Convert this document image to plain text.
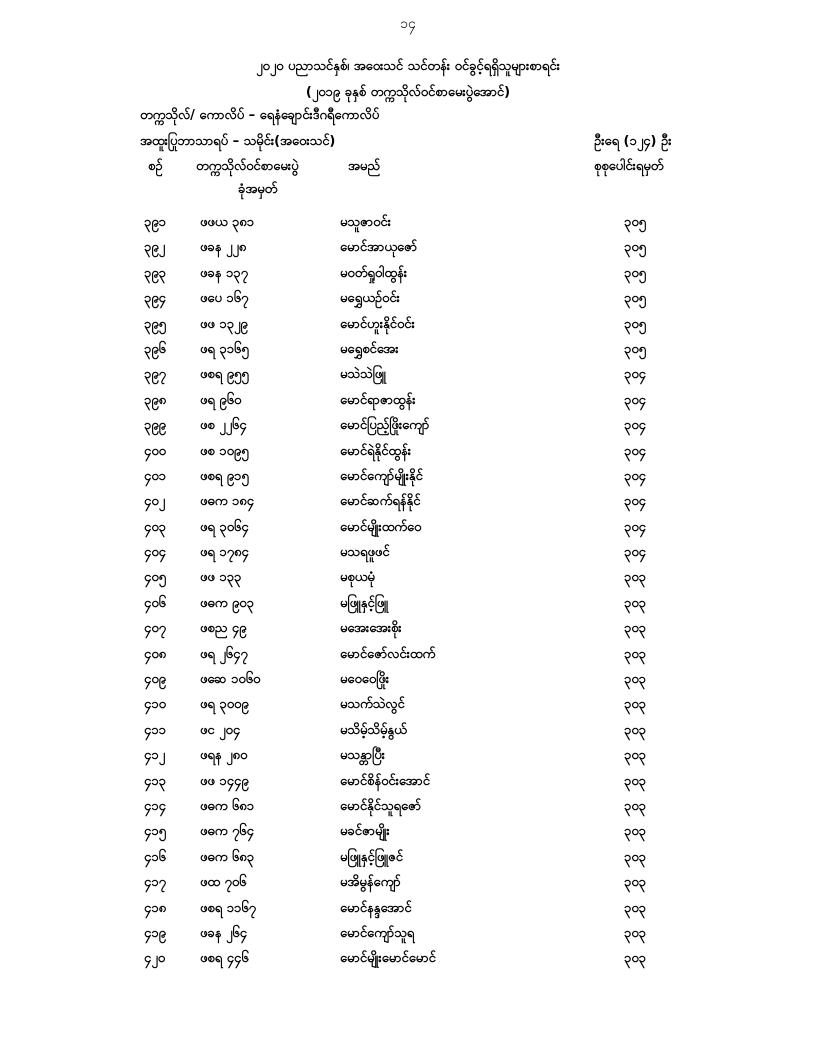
၁၄
၂၀၂၀ ပညာသင်နှစ်၊ အဝေးသင် သင်တန်း ဝင်ခွင့်ရရှိသူများစာရင်း
(၂၀၁၉ ခုနှစ် တက္ကသိုလ်ဝင်စာမေးပွဲအောင်)
တက္ကသိုလ်/ ကောလိပ် – ရေနံချောင်းဒီဂရီကောလိပ်
အထူးပြုဘာသာရပ် – သမိုင်း(အဝေးသင်)	ဦးရေ (၁၂၄) ဦး
စဉ်	တက္ကသိုလ်ဝင်စာမေးပွဲ
ခုံအမှတ်
အမည်	စုစုပေါင်းရမှတ်
၃၉၁	ဖဖယ ၃၈၁	မသူဇာဝင်း	၃၀၅
၃၉၂	ဖခန ၂၂၈	မောင်အာယုဇော်	၃၀၅
၃၉၃	ဖခန ၁၃၇	မဝတ်ရှုဝါထွန်း	၃၀၅
၃၉၄	ဖပေ ၁၆၇	မရွှေယဉ်ဝင်း	၃၀၅
၃၉၅	ဖဖ ၁၃၂၉	မောင်ဟူးနိုင်ဝင်း	၃၀၅
၃၉၆	ဖရ ၃၁၆၅	မရွှေစင်အေး	၃၀၅
၃၉၇	ဖစရ ၉၅၅	မသဲသဲဖြူ	၃၀၄
၃၉၈	ဖရ ၉၆၀	မောင်ရာဇာထွန်း	၃၀၄
၃၉၉	ဖစ ၂၂၆၄	မောင်ပြည့်ဖြိုးကျော်	၃၀၄
၄၀၀	ဖစ ၁၀၉၅	မောင်ရဲနိုင်ထွန်း	၃၀၄
၄၀၁	ဖစရ ၉၁၅	မောင်ကျော်မျိုးနိုင်	၃၀၄
၄၀၂	ဖဓက ၁၈၄	မောင်ဆက်ရန်နိုင်	၃၀၄
၄၀၃	ဖရ ၃၀၆၄	မောင်မျိုးထက်ဝေ	၃၀၄
၄၀၄	ဖရ ၁၇၈၄	မသရဖူဖင်	၃၀၄
၄၀၅	ဖဖ ၁၃၃	မစုယမုံ	၃၀၃
၄၀၆	ဖဓက ၉၀၃	မဖြူနှင့်ဖြူ	၃၀၃
၄၀၇	ဖစည ၄၉	မအေးအေးစိုး	၃၀၃
၄၀၈	ဖရ ၂၆၄၇	မောင်ဇော်လင်းထက်	၃၀၃
၄၀၉	ဖဆေ ၁၀၆၀	မဝေဝေဖြိုး	၃၀၃
၄၁၀	ဖရ ၃၀၀၉	မသက်သဲလွင်	၃၀၃
၄၁၁	ဖင ၂၀၄	မသိမ့်သိမ့်နွယ်	၃၀၃
၄၁၂	ဖရန ၂၈၀	မသန္တာပြီး	၃၀၃
၄၁၃	ဖဖ ၁၄၄၉	မောင်စိန်ဝင်းအောင်	၃၀၃
၄၁၄	ဖဓက ၆၈၁	မောင်နိုင်သူရဇော်	၃၀၃
၄၁၅	ဖဓက ၇၆၄	မခင်ဇာမျိုး	၃၀၃
၄၁၆	ဖဓက ၆၈၃	မဖြူနှင့်ဖြူဇင်	၃၀၃
၄၁၇	ဖထ ၇၀၆	မအိမွန်ကျော်	၃၀၃
၄၁၈	ဖစရ ၁၁၆၇	မောင်နန္ဒအောင်	၃၀၃
၄၁၉	ဖခန ၂၆၄	မောင်ကျော်သူရ	၃၀၃
၄၂၀	ဖစရ ၄၄၆	မောင်မျိုးမောင်မောင်	၃၀၃
